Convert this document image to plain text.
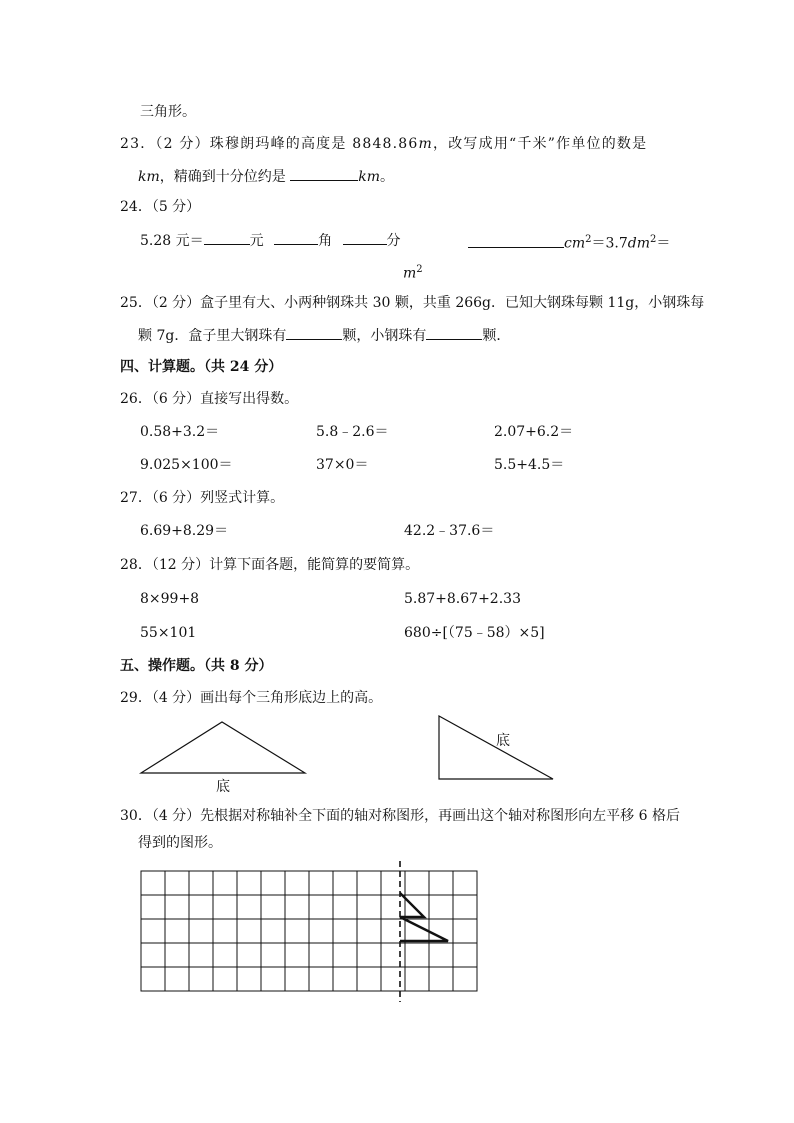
三角形。
23．（2 分）珠穆朗玛峰的高度是 8848.86m，改写成用“千米”作单位的数是
km，精确到十分位约是	km。
24．（5 分）
5.28 元＝	元	角	分	$cm^2=3.7dm^2=$
$m^2$
25．（2 分）盒子里有大、小两种钢珠共 30 颗，共重 266g．已知大钢珠每颗 11g，小钢珠每
颗 7g．盒子里大钢珠有	颗，小钢珠有	颗．
四、计算题。（共 24 分）
26．（6 分）直接写出得数。
0.58+3.2＝	5.8﹣2.6＝	2.07+6.2＝
9.025×100＝	37×0＝	5.5+4.5＝
27．（6 分）列竖式计算。
6.69+8.29＝	42.2﹣37.6＝
28．（12 分）计算下面各题，能简算的要简算。
8×99+8	5.87+8.67+2.33
55×101	680÷[（75﹣58）×5]
五、操作题。（共 8 分）
29．（4 分）画出每个三角形底边上的高。
底
底
30．（4 分）先根据对称轴补全下面的轴对称图形，再画出这个轴对称图形向左平移 6 格后
得到的图形。
